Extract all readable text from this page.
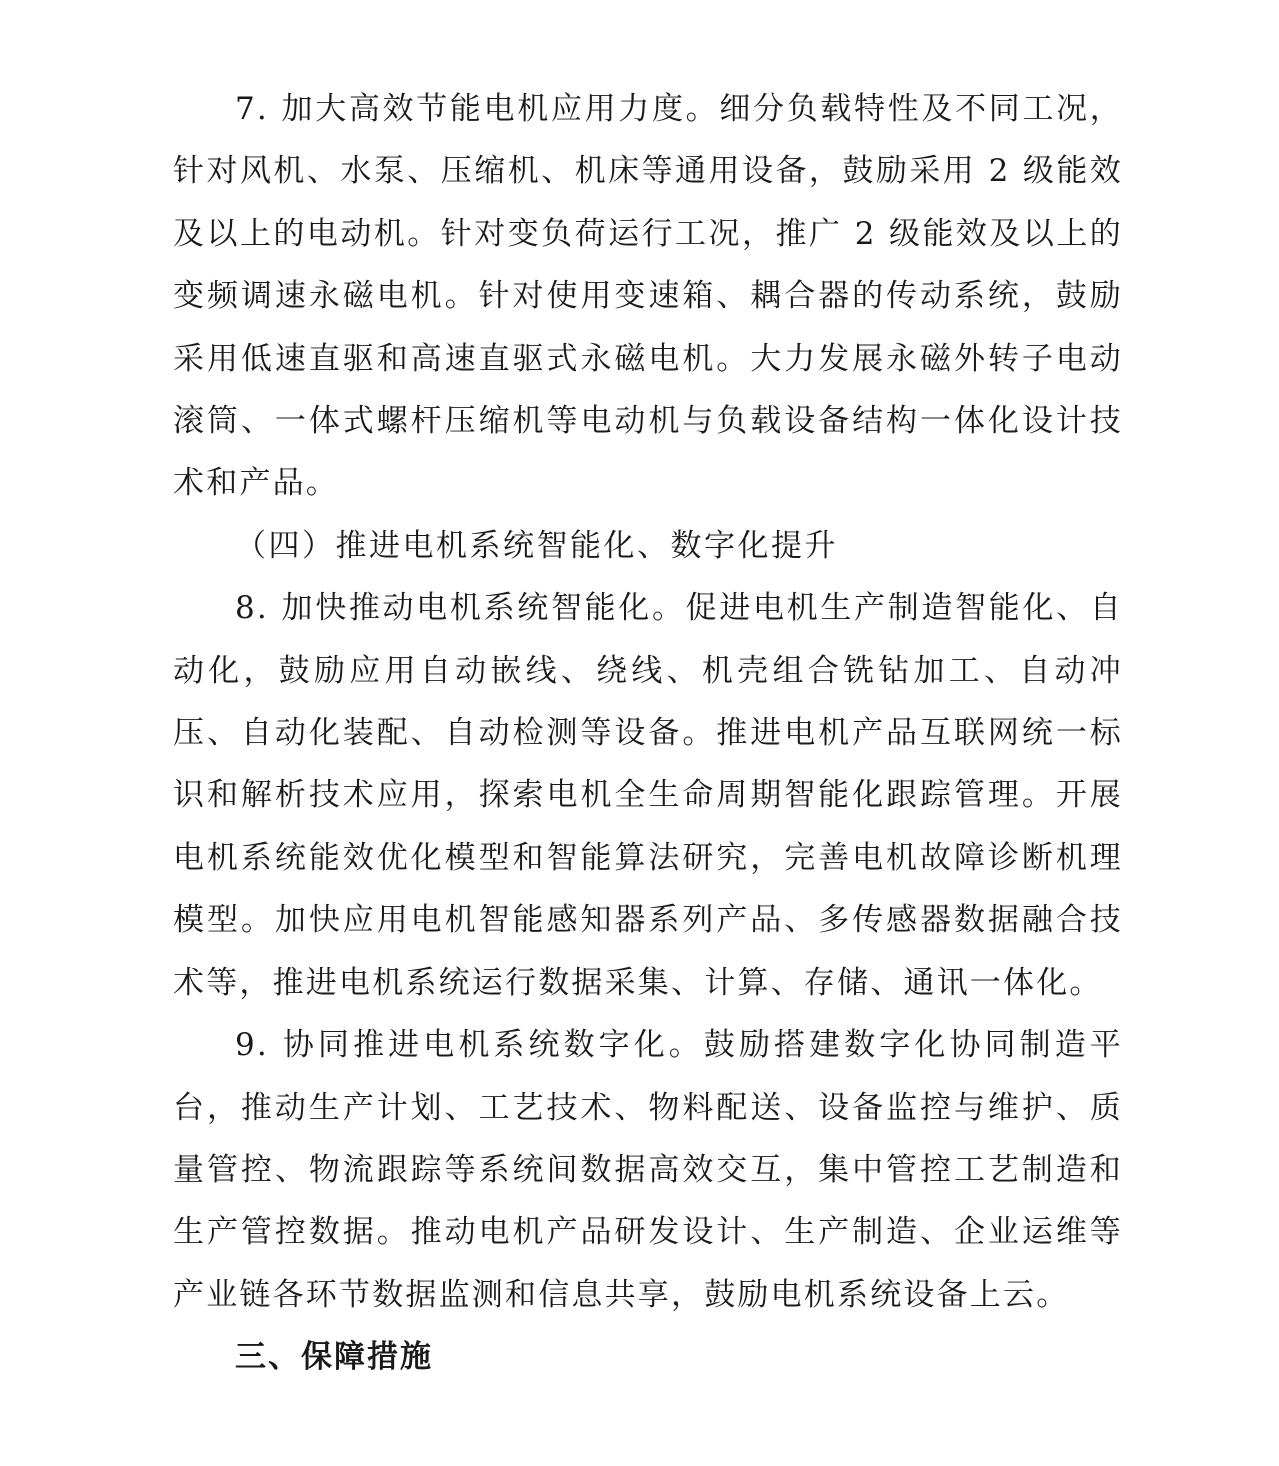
7. 加大高效节能电机应用力度。细分负载特性及不同工况，针对风机、水泵、压缩机、机床等通用设备，鼓励采用 2 级能效及以上的电动机。针对变负荷运行工况，推广 2 级能效及以上的变频调速永磁电机。针对使用变速箱、耦合器的传动系统，鼓励采用低速直驱和高速直驱式永磁电机。大力发展永磁外转子电动滚筒、一体式螺杆压缩机等电动机与负载设备结构一体化设计技术和产品。

（四）推进电机系统智能化、数字化提升

8. 加快推动电机系统智能化。促进电机生产制造智能化、自动化，鼓励应用自动嵌线、绕线、机壳组合铣钻加工、自动冲压、自动化装配、自动检测等设备。推进电机产品互联网统一标识和解析技术应用，探索电机全生命周期智能化跟踪管理。开展电机系统能效优化模型和智能算法研究，完善电机故障诊断机理模型。加快应用电机智能感知器系列产品、多传感器数据融合技术等，推进电机系统运行数据采集、计算、存储、通讯一体化。

9. 协同推进电机系统数字化。鼓励搭建数字化协同制造平台，推动生产计划、工艺技术、物料配送、设备监控与维护、质量管控、物流跟踪等系统间数据高效交互，集中管控工艺制造和生产管控数据。推动电机产品研发设计、生产制造、企业运维等产业链各环节数据监测和信息共享，鼓励电机系统设备上云。

三、保障措施
